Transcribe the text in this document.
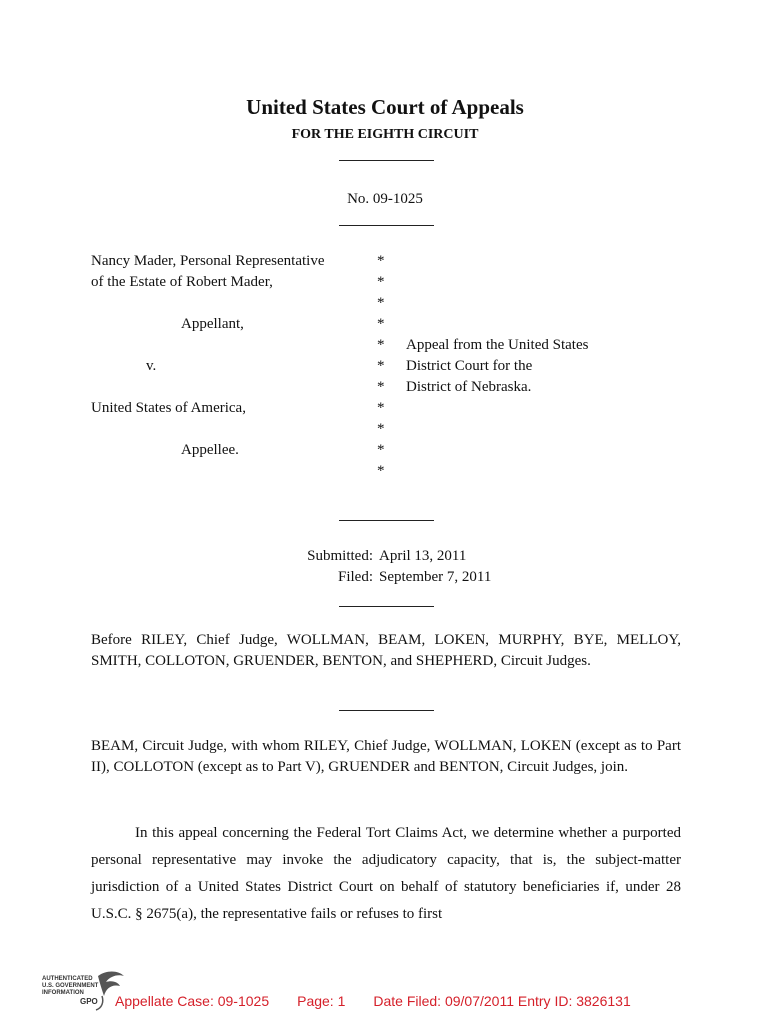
United States Court of Appeals
FOR THE EIGHTH CIRCUIT
No. 09-1025
Nancy Mader, Personal Representative
of the Estate of Robert Mader,
Appellant,
v.
United States of America,
Appellee.
*
*
*
*
*
*
*
*
*
*
*
Appeal from the United States
District Court for the
District of Nebraska.
Submitted: April 13, 2011
Filed: September 7, 2011
Before RILEY, Chief Judge, WOLLMAN, BEAM, LOKEN, MURPHY, BYE, MELLOY, SMITH, COLLOTON, GRUENDER, BENTON, and SHEPHERD, Circuit Judges.
BEAM, Circuit Judge, with whom RILEY, Chief Judge, WOLLMAN, LOKEN (except as to Part II), COLLOTON (except as to Part V), GRUENDER and BENTON, Circuit Judges, join.
In this appeal concerning the Federal Tort Claims Act, we determine whether a purported personal representative may invoke the adjudicatory capacity, that is, the subject-matter jurisdiction of a United States District Court on behalf of statutory beneficiaries if, under 28 U.S.C. § 2675(a), the representative fails or refuses to first
AUTHENTICATED
U.S. GOVERNMENT
INFORMATION
GPO Appellate Case: 09-1025 Page: 1 Date Filed: 09/07/2011 Entry ID: 3826131
